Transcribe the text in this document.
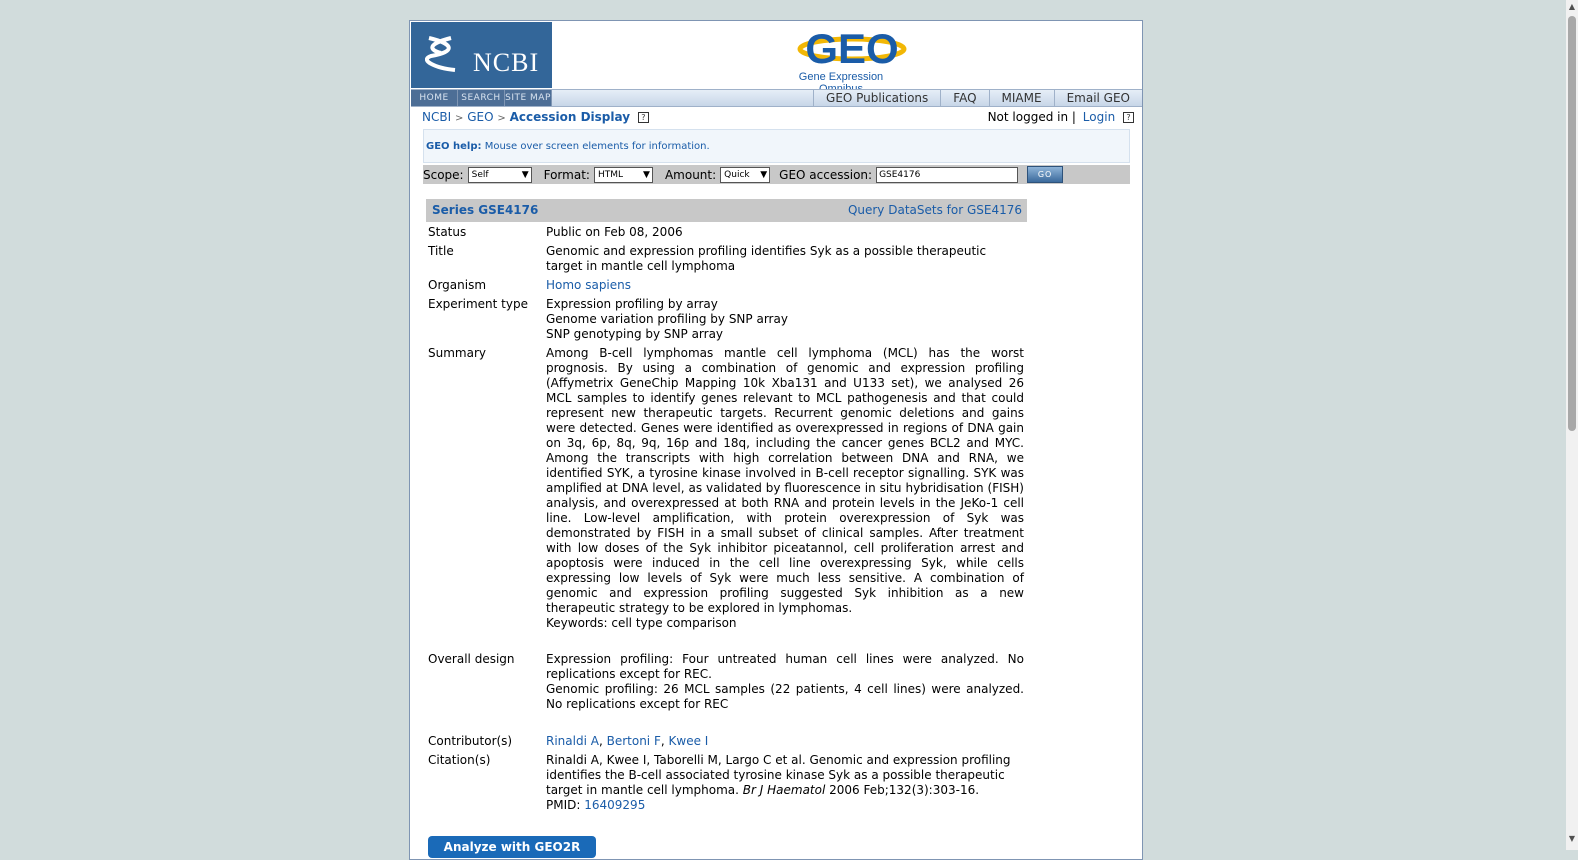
NCBI	GEO
Gene Expression
HOME	SEARCH SITE MAP	GEO Publications	FAQ	MIAME	Email GEO
NCBI > GEO > Accession Display ?	Not logged in | Login ?
GEO help: Mouse over screen elements for information.
Scope: Self	▼ Format: HTML ▼ Amount: Quick ▼ GEO accession: GSE4176	GO
Series GSE4176	Query DataSets for GSE4176
Status	Public on Feb 08, 2006
Title	Genomic and expression profiling identifies Syk as a possible therapeutic target in mantle cell lymphoma
Organism	Homo sapiens
Experiment type	Expression profiling by array
Genome variation profiling by SNP array
SNP genotyping by SNP array
Summary	Among B-cell lymphomas mantle cell lymphoma (MCL) has the worst prognosis. By using a combination of genomic and expression profiling (Affymetrix GeneChip Mapping 10k Xba131 and U133 set), we analysed 26 MCL samples to identify genes relevant to MCL pathogenesis and that could represent new therapeutic targets. Recurrent genomic deletions and gains were detected. Genes were identified as overexpressed in regions of DNA gain on 3q, 6p, 8q, 9q, 16p and 18q, including the cancer genes BCL2 and MYC. Among the transcripts with high correlation between DNA and RNA, we identified SYK, a tyrosine kinase involved in B-cell receptor signalling. SYK was amplified at DNA level, as validated by fluorescence in situ hybridisation (FISH) analysis, and overexpressed at both RNA and protein levels in the JeKo-1 cell line. Low-level amplification, with protein overexpression of Syk was demonstrated by FISH in a small subset of clinical samples. After treatment with low doses of the Syk inhibitor piceatannol, cell proliferation arrest and apoptosis were induced in the cell line overexpressing Syk, while cells expressing low levels of Syk were much less sensitive. A combination of genomic and expression profiling suggested Syk inhibition as a new therapeutic strategy to be explored in lymphomas.
Keywords: cell type comparison
Overall design	Expression profiling: Four untreated human cell lines were analyzed. No replications except for REC.
Genomic profiling: 26 MCL samples (22 patients, 4 cell lines) were analyzed. No replications except for REC
Contributor(s)	Rinaldi A, Bertoni F, Kwee I
Citation(s)	Rinaldi A, Kwee I, Taborelli M, Largo C et al. Genomic and expression profiling identifies the B-cell associated tyrosine kinase Syk as a possible therapeutic target in mantle cell lymphoma. Br J Haematol 2006 Feb;132(3):303-16.
PMID: 16409295
Analyze with GEO2R
▲
▼
